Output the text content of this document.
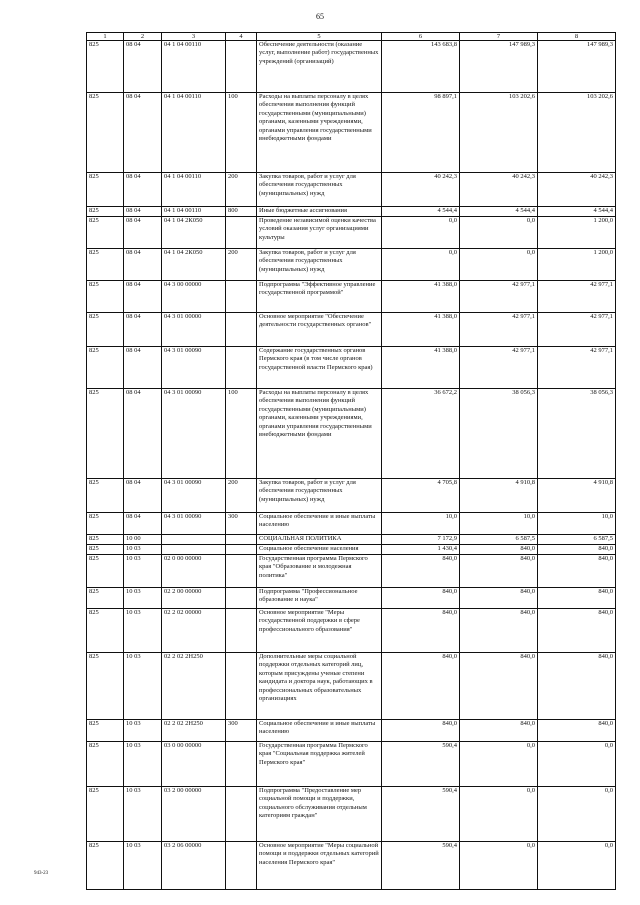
65
1	2	3	4	5	6	7	8
825	08 04	04 1 04 00110		Обеспечение деятельности (оказание услуг, выполнение работ) государственных учреждений (организаций)	143 683,8	147 989,3	147 989,3
825	08 04	04 1 04 00110	100	Расходы на выплаты персоналу в целях обеспечения выполнения функций государственными (муниципальными) органами, казенными учреждениями, органами управления государственными внебюджетными фондами	98 897,1	103 202,6	103 202,6
825	08 04	04 1 04 00110	200	Закупка товаров, работ и услуг для обеспечения государственных (муниципальных) нужд	40 242,3	40 242,3	40 242,3
825	08 04	04 1 04 00110	800	Иные бюджетные ассигнования	4 544,4	4 544,4	4 544,4
825	08 04	04 1 04 2К050		Проведение независимой оценки качества условий оказания услуг организациями культуры	0,0	0,0	1 200,0
825	08 04	04 1 04 2К050	200	Закупка товаров, работ и услуг для обеспечения государственных (муниципальных) нужд	0,0	0,0	1 200,0
825	08 04	04 3 00 00000		Подпрограмма "Эффективное управление государственной программой"	41 388,0	42 977,1	42 977,1
825	08 04	04 3 01 00000		Основное мероприятие "Обеспечение деятельности государственных органов"	41 388,0	42 977,1	42 977,1
825	08 04	04 3 01 00090		Содержание государственных органов Пермского края (в том числе органов государственной власти Пермского края)	41 388,0	42 977,1	42 977,1
825	08 04	04 3 01 00090	100	Расходы на выплаты персоналу в целях обеспечения выполнения функций государственными (муниципальными) органами, казенными учреждениями, органами управления государственными внебюджетными фондами	36 672,2	38 056,3	38 056,3
825	08 04	04 3 01 00090	200	Закупка товаров, работ и услуг для обеспечения государственных (муниципальных) нужд	4 705,8	4 910,8	4 910,8
825	08 04	04 3 01 00090	300	Социальное обеспечение и иные выплаты населению	10,0	10,0	10,0
825	10 00			СОЦИАЛЬНАЯ ПОЛИТИКА	7 172,9	6 587,5	6 587,5
825	10 03			Социальное обеспечение населения	1 430,4	840,0	840,0
825	10 03	02 0 00 00000		Государственная программа Пермского края "Образование и молодежная политика"	840,0	840,0	840,0
825	10 03	02 2 00 00000		Подпрограмма "Профессиональное образование и наука"	840,0	840,0	840,0
825	10 03	02 2 02 00000		Основное мероприятие "Меры государственной поддержки в сфере профессионального образования"	840,0	840,0	840,0
825	10 03	02 2 02 2Н250		Дополнительные меры социальной поддержки отдельных категорий лиц, которым присуждены ученые степени кандидата и доктора наук, работающих в профессиональных образовательных организациях	840,0	840,0	840,0
825	10 03	02 2 02 2Н250	300	Социальное обеспечение и иные выплаты населению	840,0	840,0	840,0
825	10 03	03 0 00 00000		Государственная программа Пермского края "Социальная поддержка жителей Пермского края"	590,4	0,0	0,0
825	10 03	03 2 00 00000		Подпрограмма "Предоставление мер социальной помощи и поддержки, социального обслуживания отдельным категориям граждан"	590,4	0,0	0,0
825	10 03	03 2 06 00000		Основное мероприятие "Меры социальной помощи и поддержки отдельных категорий населения Пермского края"	590,4	0,0	0,0
943-23
